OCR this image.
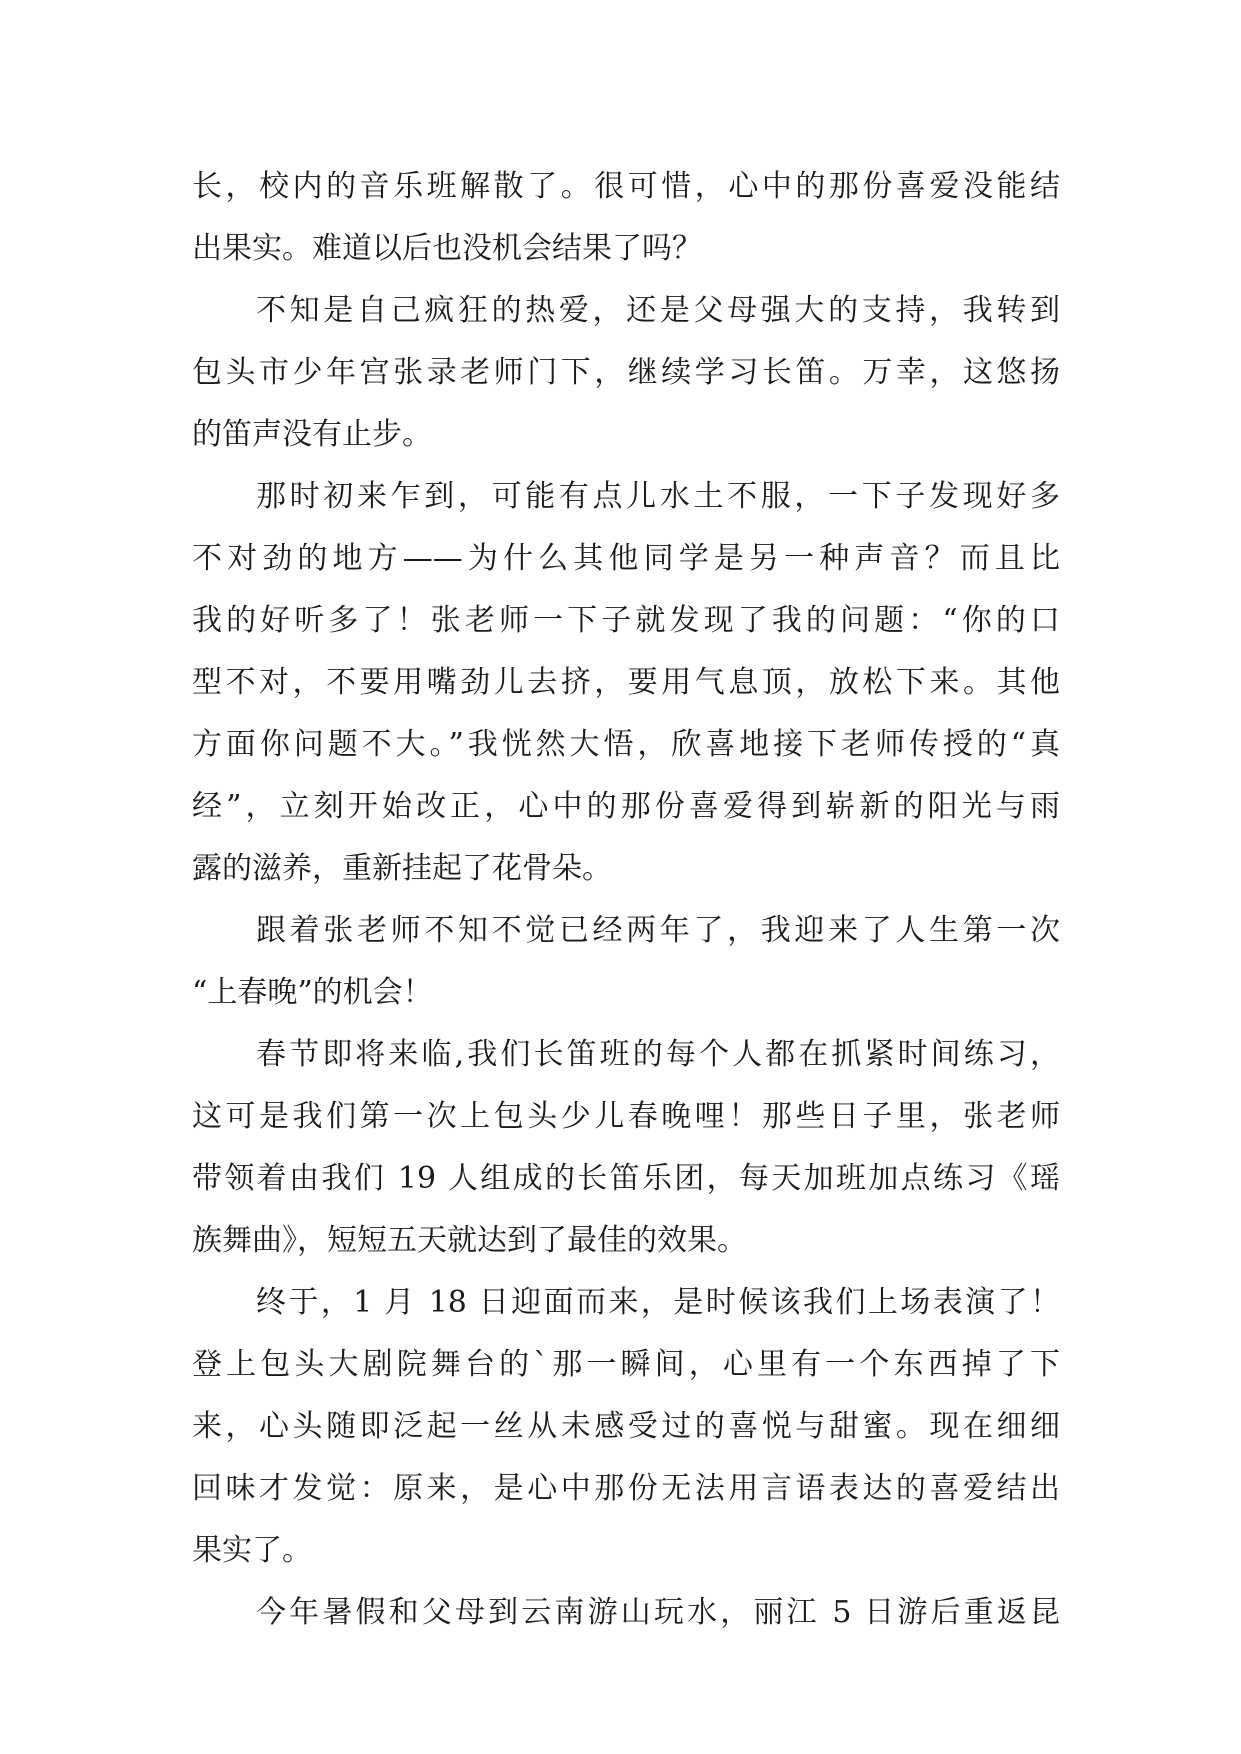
长，校内的音乐班解散了。很可惜，心中的那份喜爱没能结
出果实。难道以后也没机会结果了吗？
不知是自己疯狂的热爱，还是父母强大的支持，我转到
包头市少年宫张录老师门下，继续学习长笛。万幸，这悠扬
的笛声没有止步。
那时初来乍到，可能有点儿水土不服，一下子发现好多
不对劲的地方——为什么其他同学是另一种声音？而且比
我的好听多了！张老师一下子就发现了我的问题：“你的口
型不对，不要用嘴劲儿去挤，要用气息顶，放松下来。其他
方面你问题不大。”我恍然大悟，欣喜地接下老师传授的“真
经”，立刻开始改正，心中的那份喜爱得到崭新的阳光与雨
露的滋养，重新挂起了花骨朵。
跟着张老师不知不觉已经两年了，我迎来了人生第一次
“上春晚”的机会！
春节即将来临,我们长笛班的每个人都在抓紧时间练习，
这可是我们第一次上包头少儿春晚哩！那些日子里，张老师
带领着由我们 19 人组成的长笛乐团，每天加班加点练习《瑶
族舞曲》，短短五天就达到了最佳的效果。
终于，1 月 18 日迎面而来，是时候该我们上场表演了！
登上包头大剧院舞台的`那一瞬间，心里有一个东西掉了下
来，心头随即泛起一丝从未感受过的喜悦与甜蜜。现在细细
回味才发觉：原来，是心中那份无法用言语表达的喜爱结出
果实了。
今年暑假和父母到云南游山玩水，丽江 5 日游后重返昆
